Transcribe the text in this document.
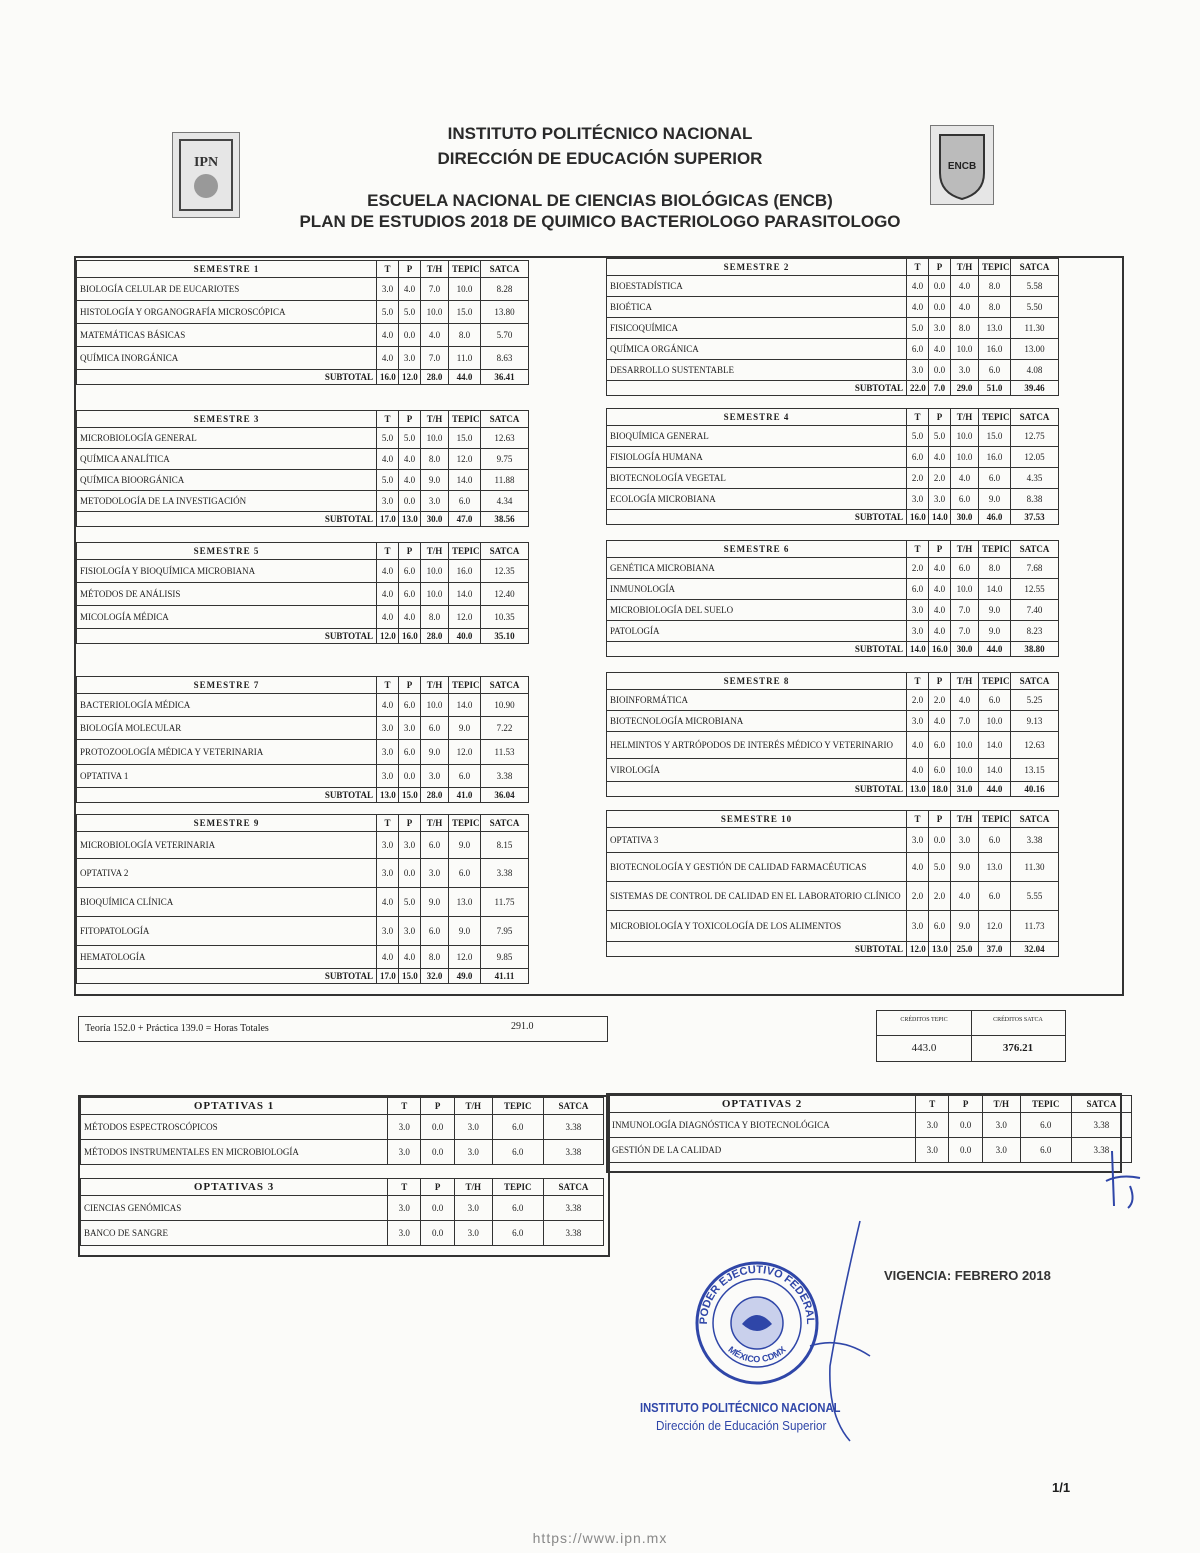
IPN
INSTITUTO POLITÉCNICO NACIONAL
DIRECCIÓN DE EDUCACIÓN SUPERIOR
ESCUELA NACIONAL DE CIENCIAS BIOLÓGICAS (ENCB)
PLAN DE ESTUDIOS 2018 DE QUIMICO BACTERIOLOGO PARASITOLOGO
ENCB
SEMESTRE 1	T	P	T/H	TEPIC	SATCA
BIOLOGÍA CELULAR DE EUCARIOTES	3.0	4.0	7.0	10.0	8.28
HISTOLOGÍA Y ORGANOGRAFÍA MICROSCÓPICA	5.0	5.0	10.0	15.0	13.80
MATEMÁTICAS BÁSICAS	4.0	0.0	4.0	8.0	5.70
QUÍMICA INORGÁNICA	4.0	3.0	7.0	11.0	8.63
SUBTOTAL	16.0	12.0	28.0	44.0	36.41
SEMESTRE 2	T	P	T/H	TEPIC	SATCA
BIOESTADÍSTICA	4.0	0.0	4.0	8.0	5.58
BIOÉTICA	4.0	0.0	4.0	8.0	5.50
FISICOQUÍMICA	5.0	3.0	8.0	13.0	11.30
QUÍMICA ORGÁNICA	6.0	4.0	10.0	16.0	13.00
DESARROLLO SUSTENTABLE	3.0	0.0	3.0	6.0	4.08
SUBTOTAL	22.0	7.0	29.0	51.0	39.46
SEMESTRE 3	T	P	T/H	TEPIC	SATCA
MICROBIOLOGÍA GENERAL	5.0	5.0	10.0	15.0	12.63
QUÍMICA ANALÍTICA	4.0	4.0	8.0	12.0	9.75
QUÍMICA BIOORGÁNICA	5.0	4.0	9.0	14.0	11.88
METODOLOGÍA DE LA INVESTIGACIÓN	3.0	0.0	3.0	6.0	4.34
SUBTOTAL	17.0	13.0	30.0	47.0	38.56
SEMESTRE 4	T	P	T/H	TEPIC	SATCA
BIOQUÍMICA GENERAL	5.0	5.0	10.0	15.0	12.75
FISIOLOGÍA HUMANA	6.0	4.0	10.0	16.0	12.05
BIOTECNOLOGÍA VEGETAL	2.0	2.0	4.0	6.0	4.35
ECOLOGÍA MICROBIANA	3.0	3.0	6.0	9.0	8.38
SUBTOTAL	16.0	14.0	30.0	46.0	37.53
SEMESTRE 5	T	P	T/H	TEPIC	SATCA
FISIOLOGÍA Y BIOQUÍMICA MICROBIANA	4.0	6.0	10.0	16.0	12.35
MÉTODOS DE ANÁLISIS	4.0	6.0	10.0	14.0	12.40
MICOLOGÍA MÉDICA	4.0	4.0	8.0	12.0	10.35
SUBTOTAL	12.0	16.0	28.0	40.0	35.10
SEMESTRE 6	T	P	T/H	TEPIC	SATCA
GENÉTICA MICROBIANA	2.0	4.0	6.0	8.0	7.68
INMUNOLOGÍA	6.0	4.0	10.0	14.0	12.55
MICROBIOLOGÍA DEL SUELO	3.0	4.0	7.0	9.0	7.40
PATOLOGÍA	3.0	4.0	7.0	9.0	8.23
SUBTOTAL	14.0	16.0	30.0	44.0	38.80
SEMESTRE 7	T	P	T/H	TEPIC	SATCA
BACTERIOLOGÍA MÉDICA	4.0	6.0	10.0	14.0	10.90
BIOLOGÍA MOLECULAR	3.0	3.0	6.0	9.0	7.22
PROTOZOOLOGÍA MÉDICA Y VETERINARIA	3.0	6.0	9.0	12.0	11.53
OPTATIVA 1	3.0	0.0	3.0	6.0	3.38
SUBTOTAL	13.0	15.0	28.0	41.0	36.04
SEMESTRE 8	T	P	T/H	TEPIC	SATCA
BIOINFORMÁTICA	2.0	2.0	4.0	6.0	5.25
BIOTECNOLOGÍA MICROBIANA	3.0	4.0	7.0	10.0	9.13
HELMINTOS Y ARTRÓPODOS DE INTERÉS MÉDICO Y VETERINARIO	4.0	6.0	10.0	14.0	12.63
VIROLOGÍA	4.0	6.0	10.0	14.0	13.15
SUBTOTAL	13.0	18.0	31.0	44.0	40.16
SEMESTRE 9	T	P	T/H	TEPIC	SATCA
MICROBIOLOGÍA VETERINARIA	3.0	3.0	6.0	9.0	8.15
OPTATIVA 2	3.0	0.0	3.0	6.0	3.38
BIOQUÍMICA CLÍNICA	4.0	5.0	9.0	13.0	11.75
FITOPATOLOGÍA	3.0	3.0	6.0	9.0	7.95
HEMATOLOGÍA	4.0	4.0	8.0	12.0	9.85
SUBTOTAL	17.0	15.0	32.0	49.0	41.11
SEMESTRE 10	T	P	T/H	TEPIC	SATCA
OPTATIVA 3	3.0	0.0	3.0	6.0	3.38
BIOTECNOLOGÍA Y GESTIÓN DE CALIDAD FARMACÉUTICAS	4.0	5.0	9.0	13.0	11.30
SISTEMAS DE CONTROL DE CALIDAD EN EL LABORATORIO CLÍNICO	2.0	2.0	4.0	6.0	5.55
MICROBIOLOGÍA Y TOXICOLOGÍA DE LOS ALIMENTOS	3.0	6.0	9.0	12.0	11.73
SUBTOTAL	12.0	13.0	25.0	37.0	32.04
Teoría 152.0 + Práctica 139.0 = Horas Totales	291.0
CRÉDITOS TEPIC	CRÉDITOS SATCA
443.0	376.21
OPTATIVAS 1	T	P	T/H	TEPIC	SATCA
MÉTODOS ESPECTROSCÓPICOS	3.0	0.0	3.0	6.0	3.38
MÉTODOS INSTRUMENTALES EN MICROBIOLOGÍA	3.0	0.0	3.0	6.0	3.38
OPTATIVAS 2	T	P	T/H	TEPIC	SATCA
INMUNOLOGÍA DIAGNÓSTICA Y BIOTECNOLÓGICA	3.0	0.0	3.0	6.0	3.38
GESTIÓN DE LA CALIDAD	3.0	0.0	3.0	6.0	3.38
OPTATIVAS 3	T	P	T/H	TEPIC	SATCA
CIENCIAS GENÓMICAS	3.0	0.0	3.0	6.0	3.38
BANCO DE SANGRE	3.0	0.0	3.0	6.0	3.38
VIGENCIA: FEBRERO 2018
PODER EJECUTIVO FEDERAL
MÉXICO CDMX
INSTITUTO POLITÉCNICO NACIONAL
Dirección de Educación Superior
1/1
https://www.ipn.mx
